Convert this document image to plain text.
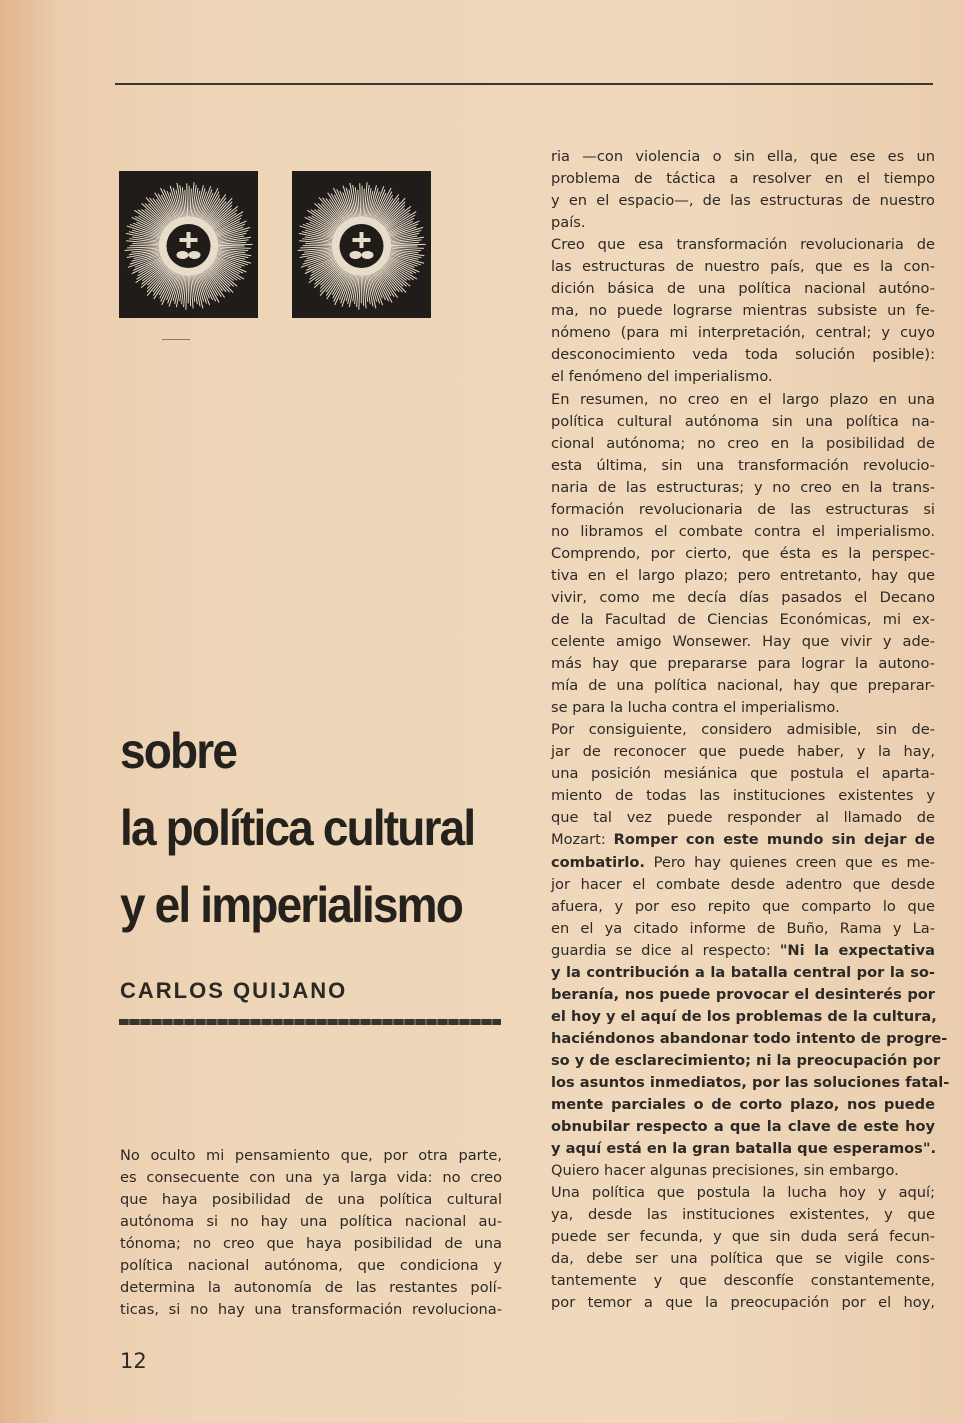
sobre
la política cultural
y el imperialismo
CARLOS QUIJANO
No oculto mi pensamiento que, por otra parte,
es consecuente con una ya larga vida: no creo
que haya posibilidad de una política cultural
autónoma si no hay una política nacional au-
tónoma; no creo que haya posibilidad de una
política nacional autónoma, que condiciona y
determina la autonomía de las restantes polí-
ticas, si no hay una transformación revoluciona-
ria —con violencia o sin ella, que ese es un
problema de táctica a resolver en el tiempo
y en el espacio—, de las estructuras de nuestro
país.
Creo que esa transformación revolucionaria de
las estructuras de nuestro país, que es la con-
dición básica de una política nacional autóno-
ma, no puede lograrse mientras subsiste un fe-
nómeno (para mi interpretación, central; y cuyo
desconocimiento veda toda solución posible):
el fenómeno del imperialismo.
En resumen, no creo en el largo plazo en una
política cultural autónoma sin una política na-
cional autónoma; no creo en la posibilidad de
esta última, sin una transformación revolucio-
naria de las estructuras; y no creo en la trans-
formación revolucionaria de las estructuras si
no libramos el combate contra el imperialismo.
Comprendo, por cierto, que ésta es la perspec-
tiva en el largo plazo; pero entretanto, hay que
vivir, como me decía días pasados el Decano
de la Facultad de Ciencias Económicas, mi ex-
celente amigo Wonsewer. Hay que vivir y ade-
más hay que prepararse para lograr la autono-
mía de una política nacional, hay que preparar-
se para la lucha contra el imperialismo.
Por consiguiente, considero admisible, sin de-
jar de reconocer que puede haber, y la hay,
una posición mesiánica que postula el aparta-
miento de todas las instituciones existentes y
que tal vez puede responder al llamado de
Mozart: Romper con este mundo sin dejar de
combatirlo. Pero hay quienes creen que es me-
jor hacer el combate desde adentro que desde
afuera, y por eso repito que comparto lo que
en el ya citado informe de Buño, Rama y La-
guardia se dice al respecto: "Ni la expectativa
y la contribución a la batalla central por la so-
beranía, nos puede provocar el desinterés por
el hoy y el aquí de los problemas de la cultura,
haciéndonos abandonar todo intento de progre-
so y de esclarecimiento; ni la preocupación por
los asuntos inmediatos, por las soluciones fatal-
mente parciales o de corto plazo, nos puede
obnubilar respecto a que la clave de este hoy
y aquí está en la gran batalla que esperamos".
Quiero hacer algunas precisiones, sin embargo.
Una política que postula la lucha hoy y aquí;
ya, desde las instituciones existentes, y que
puede ser fecunda, y que sin duda será fecun-
da, debe ser una política que se vigile cons-
tantemente y que desconfíe constantemente,
por temor a que la preocupación por el hoy,
12
